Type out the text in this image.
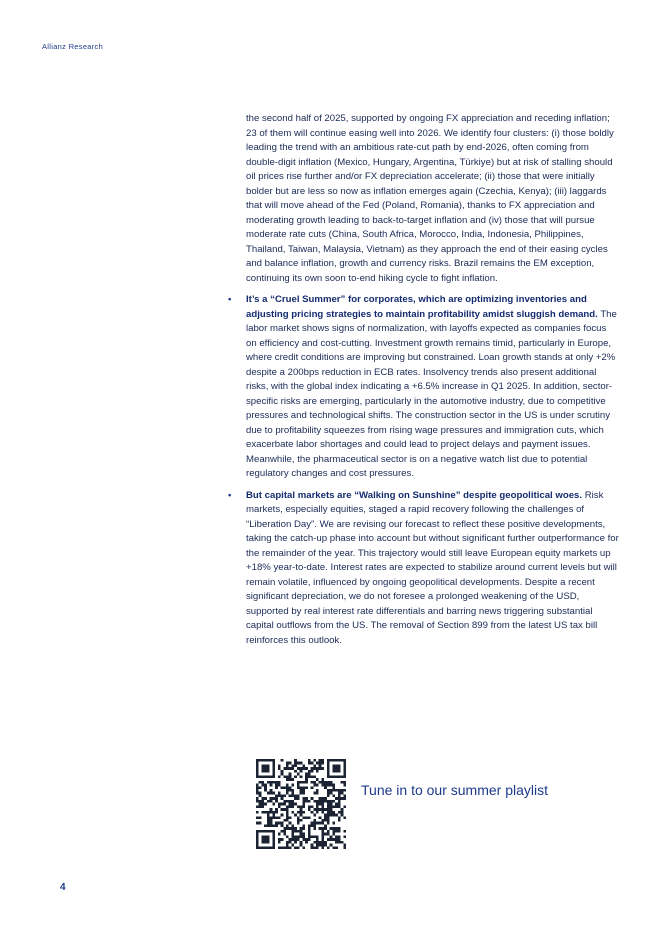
Allianz Research

the second half of 2025, supported by ongoing FX appreciation and receding inflation; 23 of them will continue easing well into 2026. We identify four clusters: (i) those boldly leading the trend with an ambitious rate-cut path by end-2026, often coming from double-digit inflation (Mexico, Hungary, Argentina, Türkiye) but at risk of stalling should oil prices rise further and/or FX depreciation accelerate; (ii) those that were initially bolder but are less so now as inflation emerges again (Czechia, Kenya); (iii) laggards that will move ahead of the Fed (Poland, Romania), thanks to FX appreciation and moderating growth leading to back-to-target inflation and (iv) those that will pursue moderate rate cuts (China, South Africa, Morocco, India, Indonesia, Philippines, Thailand, Taiwan, Malaysia, Vietnam) as they approach the end of their easing cycles and balance inflation, growth and currency risks. Brazil remains the EM exception, continuing its own soon to-end hiking cycle to fight inflation.

• It’s a “Cruel Summer” for corporates, which are optimizing inventories and adjusting pricing strategies to maintain profitability amidst sluggish demand. The labor market shows signs of normalization, with layoffs expected as companies focus on efficiency and cost-cutting. Investment growth remains timid, particularly in Europe, where credit conditions are improving but constrained. Loan growth stands at only +2% despite a 200bps reduction in ECB rates. Insolvency trends also present additional risks, with the global index indicating a +6.5% increase in Q1 2025. In addition, sector-specific risks are emerging, particularly in the automotive industry, due to competitive pressures and technological shifts. The construction sector in the US is under scrutiny due to profitability squeezes from rising wage pressures and immigration cuts, which exacerbate labor shortages and could lead to project delays and payment issues. Meanwhile, the pharmaceutical sector is on a negative watch list due to potential regulatory changes and cost pressures.
• But capital markets are “Walking on Sunshine” despite geopolitical woes. Risk markets, especially equities, staged a rapid recovery following the challenges of “Liberation Day”. We are revising our forecast to reflect these positive developments, taking the catch-up phase into account but without significant further outperformance for the remainder of the year. This trajectory would still leave European equity markets up +18% year-to-date. Interest rates are expected to stabilize around current levels but will remain volatile, influenced by ongoing geopolitical developments. Despite a recent significant depreciation, we do not foresee a prolonged weakening of the USD, supported by real interest rate differentials and barring news triggering substantial capital outflows from the US. The removal of Section 899 from the latest US tax bill reinforces this outlook.
Tune in to our summer playlist
4
